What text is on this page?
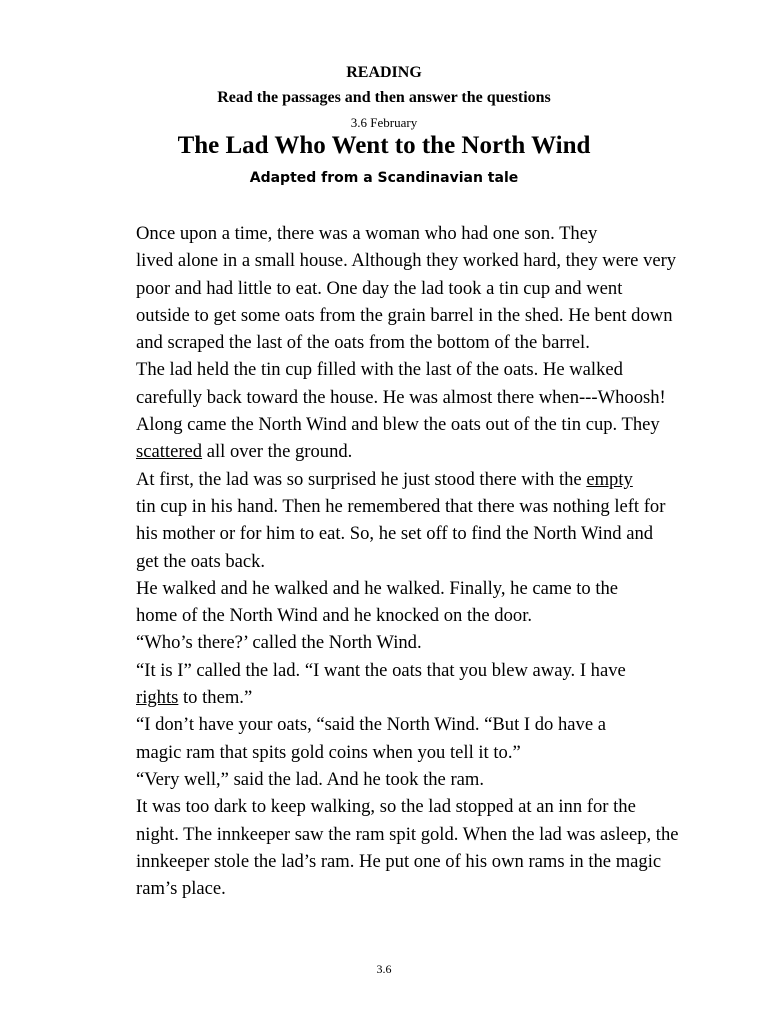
READING
Read the passages and then answer the questions
3.6 February
The Lad Who Went to the North Wind
Adapted from a Scandinavian tale

Once upon a time, there was a woman who had one son. They
lived alone in a small house. Although they worked hard, they were very
poor and had little to eat. One day the lad took a tin cup and went
outside to get some oats from the grain barrel in the shed. He bent down
and scraped the last of the oats from the bottom of the barrel.

The lad held the tin cup filled with the last of the oats. He walked
carefully back toward the house. He was almost there when---Whoosh!
Along came the North Wind and blew the oats out of the tin cup. They
scattered all over the ground.

At first, the lad was so surprised he just stood there with the empty
tin cup in his hand. Then he remembered that there was nothing left for
his mother or for him to eat. So, he set off to find the North Wind and
get the oats back.

He walked and he walked and he walked. Finally, he came to the
home of the North Wind and he knocked on the door.

“Who’s there?’ called the North Wind.

“It is I” called the lad. “I want the oats that you blew away. I have
rights to them.”

“I don’t have your oats, “said the North Wind. “But I do have a
magic ram that spits gold coins when you tell it to.”

“Very well,” said the lad. And he took the ram.

It was too dark to keep walking, so the lad stopped at an inn for the
night. The innkeeper saw the ram spit gold. When the lad was asleep, the
innkeeper stole the lad’s ram. He put one of his own rams in the magic
ram’s place.

3.6
